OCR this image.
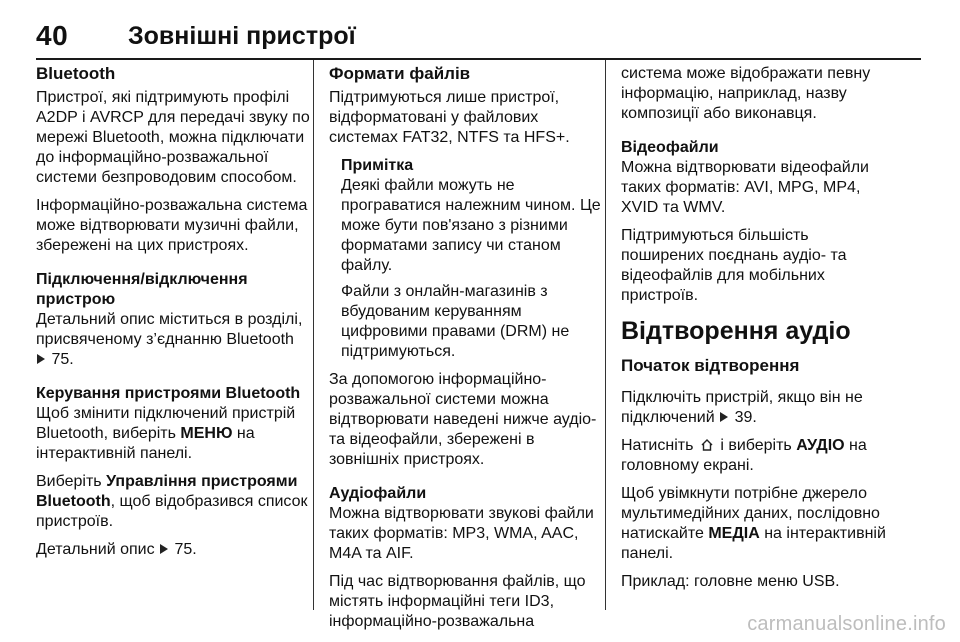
40 Зовнішні пристрої
Bluetooth

Пристрої, які підтримують профілі A2DP і AVRCP для передачі звуку по мережі Bluetooth, можна підключати до інформаційно-розважальної системи безпроводовим способом.

Інформаційно-розважальна система може відтворювати музичні файли, збережені на цих пристроях.

Підключення/відключення пристрою

Детальний опис міститься в розділі, присвяченому з’єднанню Bluetooth
75.

Керування пристроями Bluetooth

Щоб змінити підключений пристрій Bluetooth, виберіть МЕНЮ на інтерактивній панелі.

Виберіть Управління пристроями Bluetooth, щоб відобразився список пристроїв.

Детальний опис 75.

Формати файлів

Підтримуються лише пристрої, відформатовані у файлових системах FAT32, NTFS та HFS+.

Примітка

Деякі файли можуть не програватися належним чином. Це може бути пов'язано з різними форматами запису чи станом файлу.

Файли з онлайн-магазинів з вбудованим керуванням цифровими правами (DRM) не підтримуються.

За допомогою інформаційно-розважальної системи можна відтворювати наведені нижче аудіо- та відеофайли, збережені в зовнішніх пристроях.

Аудіофайли

Можна відтворювати звукові файли таких форматів: MP3, WMA, AAC, M4A та AIF.

Під час відтворювання файлів, що містять інформаційні теги ID3, інформаційно-розважальна

система може відображати певну інформацію, наприклад, назву композиції або виконавця.

Відеофайли

Можна відтворювати відеофайли таких форматів: AVI, MPG, MP4, XVID та WMV.

Підтримуються більшість поширених поєднань аудіо- та відеофайлів для мобільних пристроїв.

Відтворення аудіо
Початок відтворення

Підключіть пристрій, якщо він не підключений 39.

Натисніть і виберіть АУДІО на головному екрані.

Щоб увімкнути потрібне джерело мультимедійних даних, послідовно натискайте МЕДІА на інтерактивній панелі.

Приклад: головне меню USB.

carmanualsonline.info
